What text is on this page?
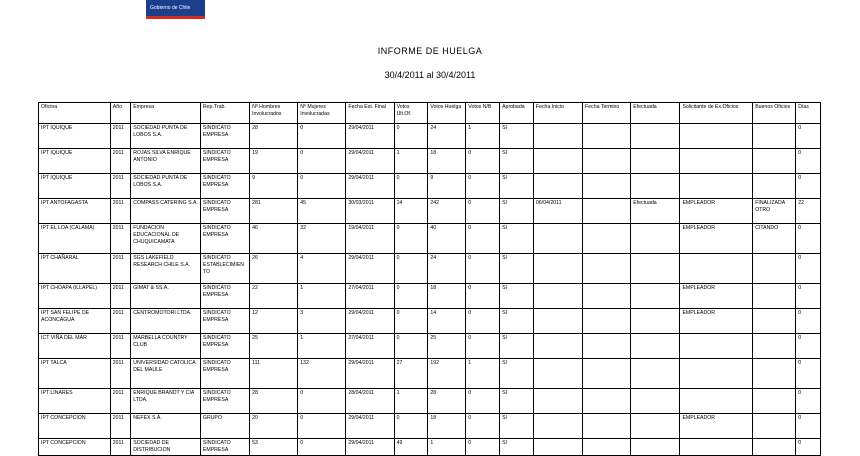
Gobierno de Chile
INFORME DE HUELGA
30/4/2011 al 30/4/2011
Oficina	Año	Empresa	Rep.Trab.	Nº Hombres Involucrados	Nº Mujeres Involucradas	Fecha Est. Final	Votos Ult.Of.	Votos Huelga	Votos N/B	Aprobada	Fecha Inicio	Fecha Termino	Efectuada	Solicitante de Ex.Oficios	Buenos Oficios	Días
IPT IQUIQUE	2011	SOCIEDAD PUNTA DE LOBOS S.A.	SINDICATO EMPRESA	28	0	29/04/2011	0	24	1	SI						0
IPT IQUIQUE	2011	ROJAS SILVA ENRIQUE ANTONIO	SINDICATO EMPRESA	19	0	29/04/2011	1	18	0	SI						0
IPT IQUIQUE	2011	SOCIEDAD PUNTA DE LOBOS S.A.	SINDICATO EMPRESA	9	0	29/04/2011	0	9	0	SI						0
IPT ANTOFAGASTA	2011	COMPASS CATERING S.A.	SINDICATO EMPRESA	281	45	30/03/2011	14	242	0	SI	06/04/2011		Efectuada	EMPLEADOR	FINALIZADA OTRO	22
IPT EL LOA (CALAMA)	2011	FUNDACION EDUCACIONAL DE CHUQUICAMATA	SINDICATO EMPRESA	46	32	19/04/2011	0	40	0	SI				EMPLEADOR	CITANDO	0
IPT CHAÑARAL	2011	SGS LAKEFIELD RESEARCH CHILE S.A.	SINDICATO ESTABLECIMIENTO	26	4	29/04/2011	0	24	0	SI						0
IPT CHOAPA (ILLAPEL)	2011	GIMAT & SS.A.	SINDICATO EMPRESA	22	1	27/04/2011	0	18	0	SI				EMPLEADOR		0
IPT SAN FELIPE DE ACONCAGUA	2011	CENTROMOTORI LTDA.	SINDICATO EMPRESA	12	3	29/04/2011	0	14	0	SI				EMPLEADOR		0
ICT VIÑA DEL MAR	2011	MARBELLA COUNTRY CLUB	SINDICATO EMPRESA	25	1	27/04/2011	0	25	0	SI						0
IPT TALCA	2011	UNIVERSIDAD CATOLICA DEL MAULE	SINDICATO EMPRESA	111	132	29/04/2011	27	192	1	SI						0
IPT LINARES	2011	ENRIQUE BRANDT Y CIA LTDA.	SINDICATO EMPRESA	28	0	28/04/2011	1	28	0	SI						0
IPT CONCEPCION	2011	NEFEX S.A.	GRUPO	20	0	29/04/2011	0	18	0	SI				EMPLEADOR		0
IPT CONCEPCION	2011	SOCIEDAD DE DISTRIBUCION	SINDICATO EMPRESA	53	0	29/04/2011	49	1	0	SI						0
